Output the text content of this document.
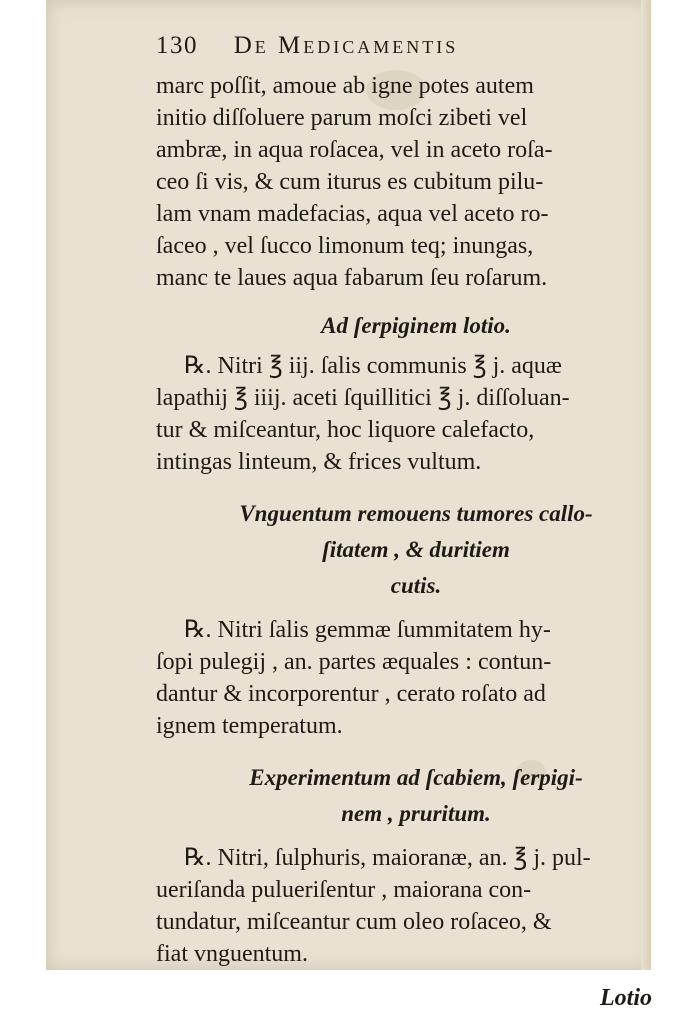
130 De Medicamentis
marc poſſit, amoue ab igne potes autem
initio diſſoluere parum moſci zibeti vel
ambræ, in aqua roſacea, vel in aceto roſa-
ceo ſi vis, & cum iturus es cubitum pilu-
lam vnam madefacias, aqua vel aceto ro-
ſaceo , vel ſucco limonum teq; inungas,
manc te laues aqua fabarum ſeu roſarum.
Ad ſerpiginem lotio.
℞. Nitri ℥ iij. ſalis communis ℥ j. aquæ
lapathij ℥ iiij. aceti ſquillitici ℥ j. diſſoluan-
tur & miſceantur, hoc liquore calefacto,
intingas linteum, & frices vultum.
Vnguentum remouens tumores callo-
ſitatem , & duritiem
cutis.
℞. Nitri ſalis gemmæ ſummitatem hy-
ſopi pulegij , an. partes æquales : contun-
dantur & incorporentur , cerato roſato ad
ignem temperatum.
Experimentum ad ſcabiem, ſerpigi-
nem , pruritum.
℞. Nitri, ſulphuris, maioranæ, an. ℥ j. pul-
ueriſanda pulueriſentur , maiorana con-
tundatur, miſceantur cum oleo roſaceo, &
fiat vnguentum.
Lotio
